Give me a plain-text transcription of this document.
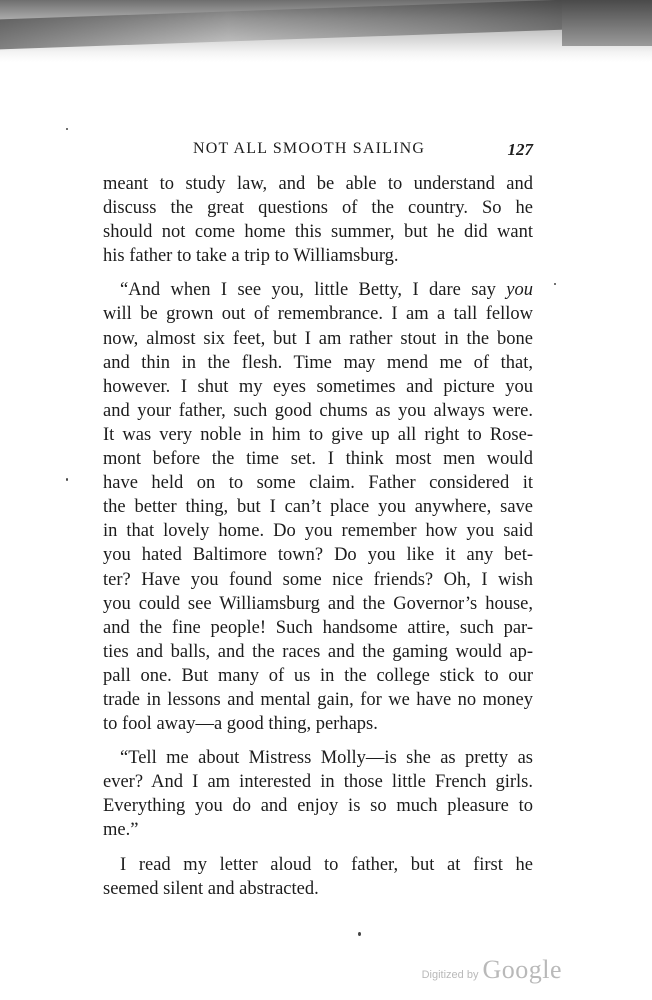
NOT ALL SMOOTH SAILING	127
meant to study law, and be able to understand and
discuss the great questions of the country. So he
should not come home this summer, but he did want
his father to take a trip to Williamsburg.
“And when I see you, little Betty, I dare say you
will be grown out of remembrance. I am a tall fellow
now, almost six feet, but I am rather stout in the bone
and thin in the flesh. Time may mend me of that,
however. I shut my eyes sometimes and picture you
and your father, such good chums as you always were.
It was very noble in him to give up all right to Rose-
mont before the time set. I think most men would
have held on to some claim. Father considered it
the better thing, but I can’t place you anywhere, save
in that lovely home. Do you remember how you said
you hated Baltimore town? Do you like it any bet-
ter? Have you found some nice friends? Oh, I wish
you could see Williamsburg and the Governor’s house,
and the fine people! Such handsome attire, such par-
ties and balls, and the races and the gaming would ap-
pall one. But many of us in the college stick to our
trade in lessons and mental gain, for we have no money
to fool away—a good thing, perhaps.
“Tell me about Mistress Molly—is she as pretty as
ever? And I am interested in those little French girls.
Everything you do and enjoy is so much pleasure to
me.”
I read my letter aloud to father, but at first he
seemed silent and abstracted.
Digitized by Google
